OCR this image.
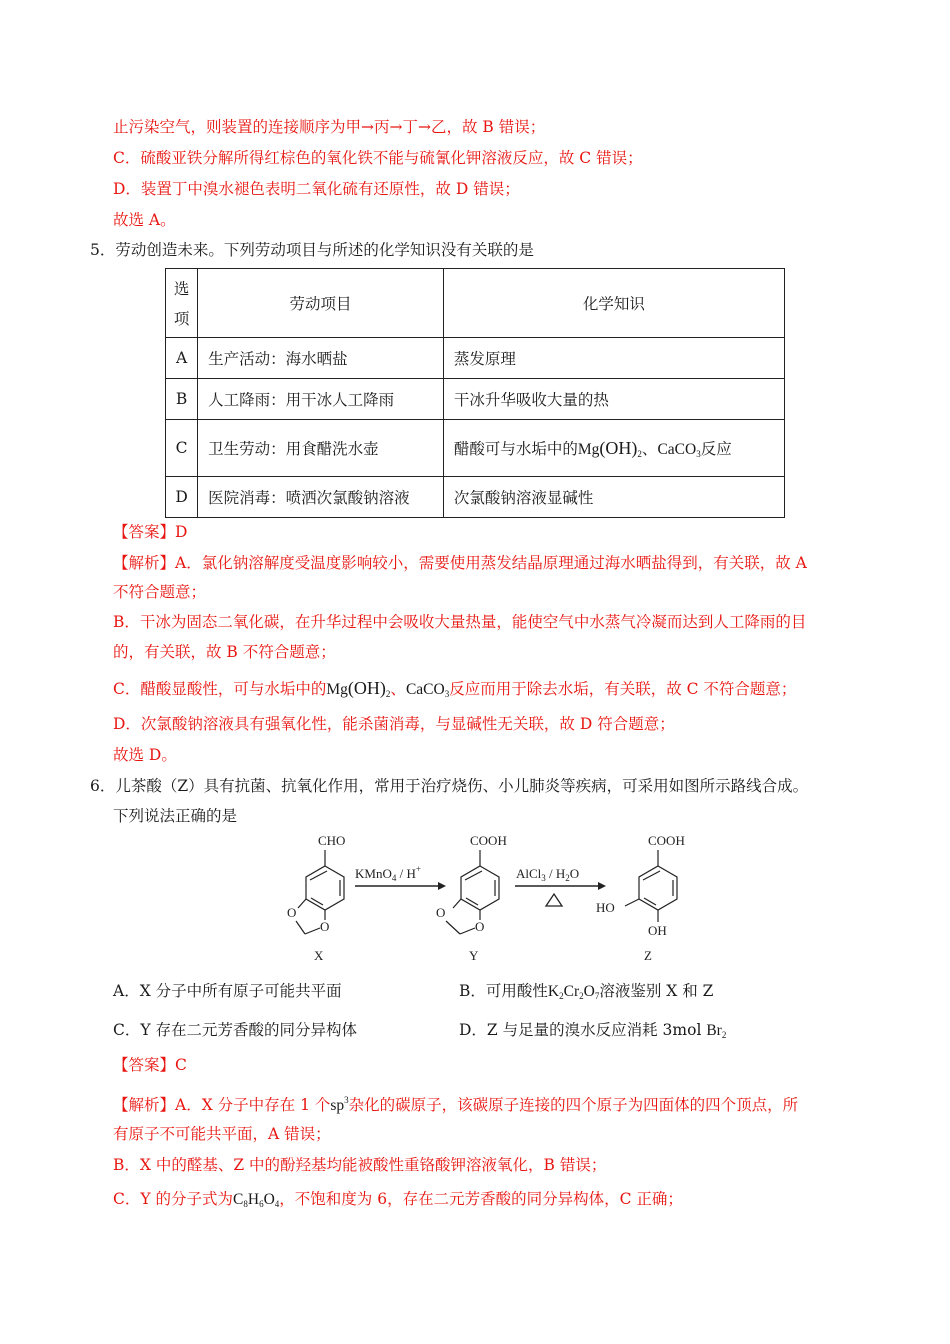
止污染空气，则装置的连接顺序为甲→丙→丁→乙，故 B 错误；
C．硫酸亚铁分解所得红棕色的氧化铁不能与硫氰化钾溶液反应，故 C 错误；
D．装置丁中溴水褪色表明二氧化硫有还原性，故 D 错误；
故选 A。
5．劳动创造未来。下列劳动项目与所述的化学知识没有关联的是
选
项	劳动项目	化学知识
A	生产活动：海水晒盐	蒸发原理
B	人工降雨：用干冰人工降雨	干冰升华吸收大量的热
C	卫生劳动：用食醋洗水壶	醋酸可与水垢中的$Mg(OH)_2$、CaCO$_3$反应
D	医院消毒：喷洒次氯酸钠溶液	次氯酸钠溶液显碱性
【答案】D
【解析】A．氯化钠溶解度受温度影响较小，需要使用蒸发结晶原理通过海水晒盐得到，有关联，故 A
不符合题意；
B．干冰为固态二氧化碳，在升华过程中会吸收大量热量，能使空气中水蒸气冷凝而达到人工降雨的目
的，有关联，故 B 不符合题意；
C．醋酸显酸性，可与水垢中的$Mg(OH)_2$、CaCO$_3$反应而用于除去水垢，有关联，故 C 不符合题意；
D．次氯酸钠溶液具有强氧化性，能杀菌消毒，与显碱性无关联，故 D 符合题意；
故选 D。
6．儿茶酸（Z）具有抗菌、抗氧化作用，常用于治疗烧伤、小儿肺炎等疾病，可采用如图所示路线合成。
下列说法正确的是
CHO
O
O
X
KMnO$_4$ / H+
COOH
O
O
Y
AlCl$_3$ / $H_2O$
COOH
HO
OH
Z
A．X 分子中所有原子可能共平面	B．可用酸性$K_2Cr_2O_7$溶液鉴别 X 和 Z
C．Y 存在二元芳香酸的同分异构体	D．Z 与足量的溴水反应消耗 3mol $Br_2$
【答案】C
【解析】A．X 分子中存在 1 个$sp^3$杂化的碳原子，该碳原子连接的四个原子为四面体的四个顶点，所
有原子不可能共平面，A 错误；
B．X 中的醛基、Z 中的酚羟基均能被酸性重铬酸钾溶液氧化，B 错误；
C．Y 的分子式为$C_8H_6O_4$，不饱和度为 6，存在二元芳香酸的同分异构体，C 正确；
